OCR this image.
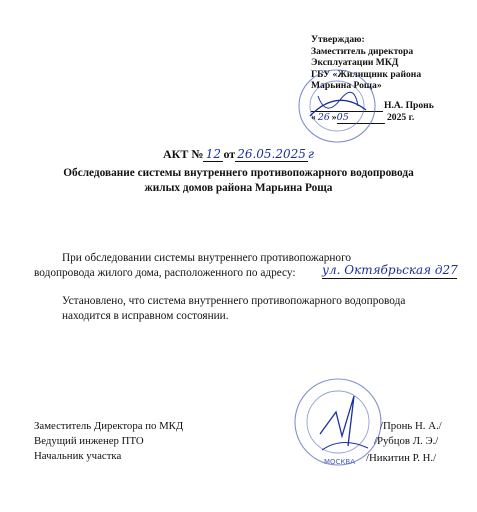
Утверждаю:
Заместитель директора
Эксплуатации МКД
ГБУ «Жилищник района
Марьина Роща»
Н.А. Пронь
« 26 »05	2025 г.
АКТ № 12 от 26.05.2025 г
Обследование системы внутреннего противопожарного водопровода
жилых домов района Марьина Роща
При обследовании системы внутреннего противопожарного
водопровода жилого дома, расположенного по адресу: ул. Октябрьская д27
Установлено, что система внутреннего противопожарного водопровода
находится в исправном состоянии.
МОСКВА
Заместитель Директора по МКД
Ведущий инженер ПТО
Начальник участка
/Пронь Н. А./
/Рубцов Л. Э./
/Никитин Р. Н./
